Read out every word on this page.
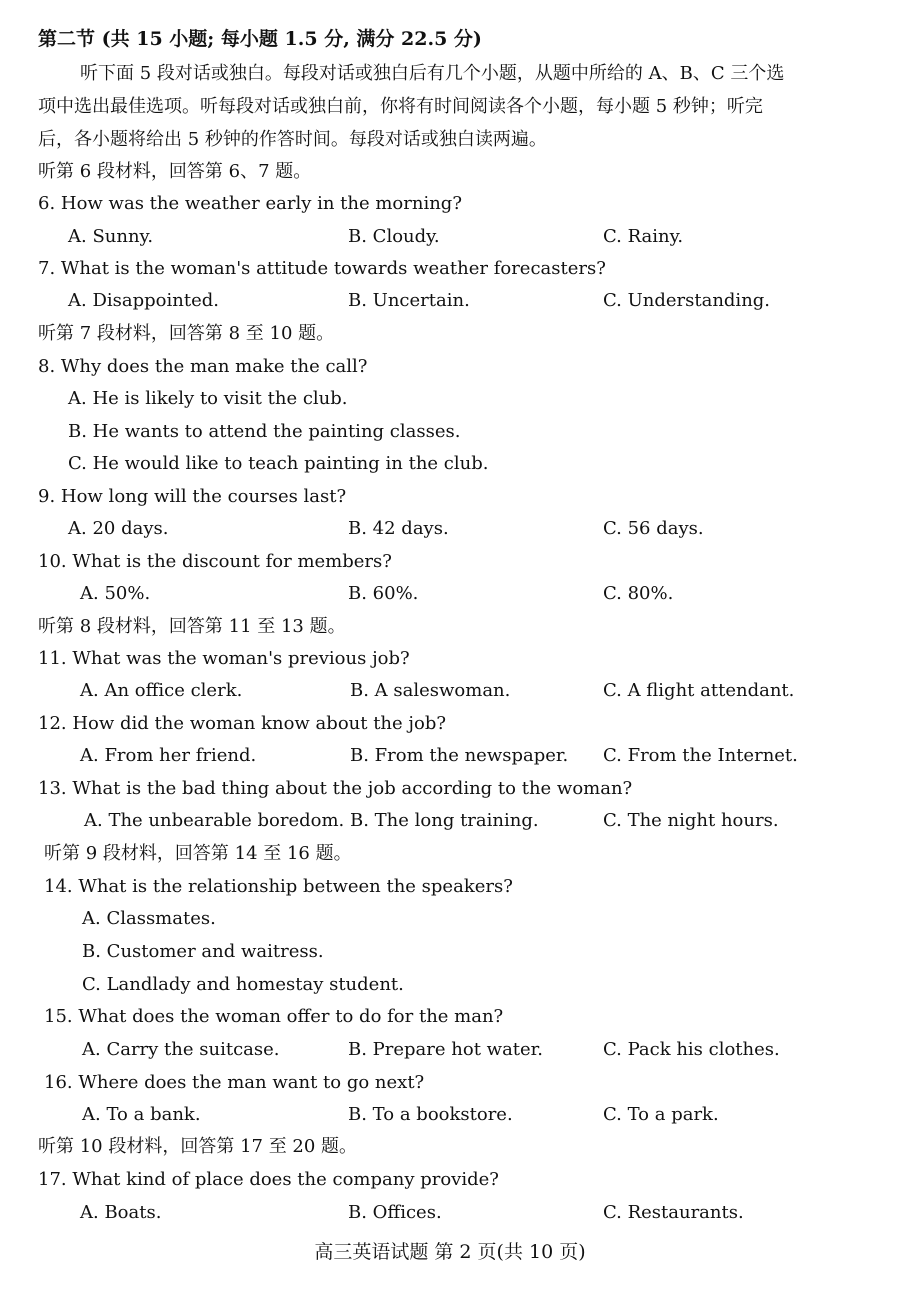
第二节 (共 15 小题; 每小题 1.5 分, 满分 22.5 分)
听下面 5 段对话或独白。每段对话或独白后有几个小题，从题中所给的 A、B、C 三个选
项中选出最佳选项。听每段对话或独白前，你将有时间阅读各个小题，每小题 5 秒钟；听完
后，各小题将给出 5 秒钟的作答时间。每段对话或独白读两遍。
听第 6 段材料，回答第 6、7 题。
6. How was the weather early in the morning?
A. Sunny.	B. Cloudy.	C. Rainy.
7. What is the woman's attitude towards weather forecasters?
A. Disappointed.	B. Uncertain.	C. Understanding.
听第 7 段材料，回答第 8 至 10 题。
8. Why does the man make the call?
A. He is likely to visit the club.
B. He wants to attend the painting classes.
C. He would like to teach painting in the club.
9. How long will the courses last?
A. 20 days.	B. 42 days.	C. 56 days.
10. What is the discount for members?
A. 50%.	B. 60%.	C. 80%.
听第 8 段材料，回答第 11 至 13 题。
11. What was the woman's previous job?
A. An office clerk.	B. A saleswoman.	C. A flight attendant.
12. How did the woman know about the job?
A. From her friend.	B. From the newspaper. C. From the Internet.
13. What is the bad thing about the job according to the woman?
A. The unbearable boredom. B. The long training.	C. The night hours.
听第 9 段材料，回答第 14 至 16 题。
14. What is the relationship between the speakers?
A. Classmates.
B. Customer and waitress.
C. Landlady and homestay student.
15. What does the woman offer to do for the man?
A. Carry the suitcase.	B. Prepare hot water.	C. Pack his clothes.
16. Where does the man want to go next?
A. To a bank.	B. To a bookstore.	C. To a park.
听第 10 段材料，回答第 17 至 20 题。
17. What kind of place does the company provide?
A. Boats.	B. Offices.	C. Restaurants.
高三英语试题 第 2 页(共 10 页)
